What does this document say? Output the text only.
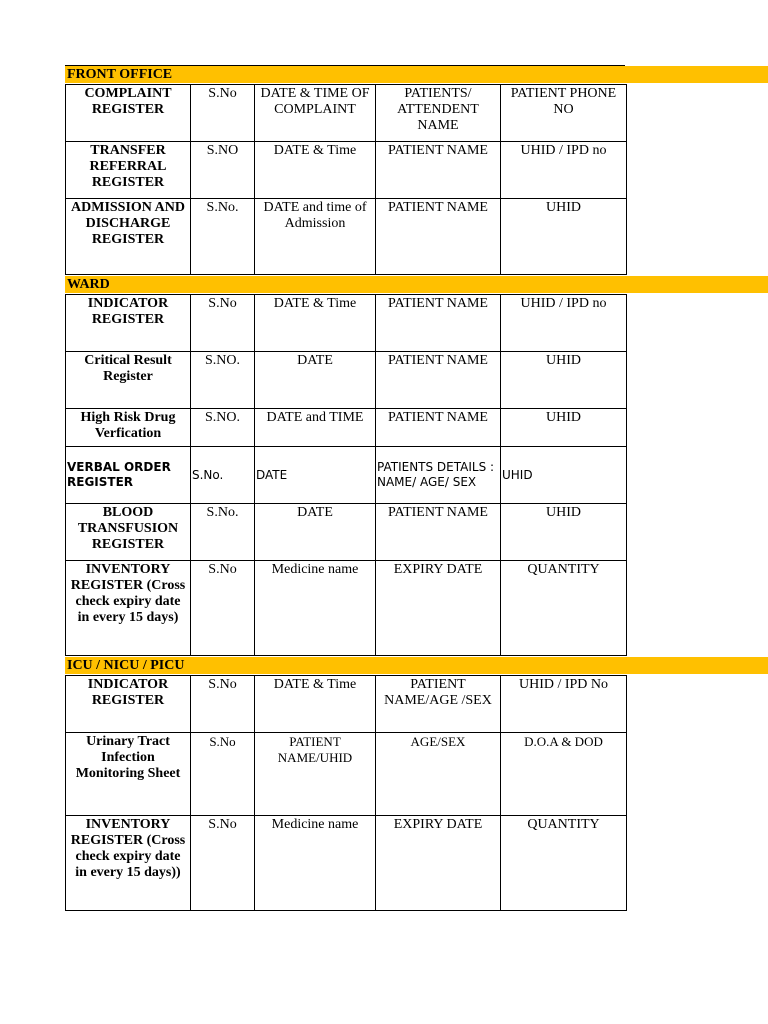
FRONT OFFICE
COMPLAINT REGISTER	S.No	DATE & TIME OF COMPLAINT	PATIENTS/ ATTENDENT NAME	PATIENT PHONE NO
TRANSFER REFERRAL REGISTER	S.NO	DATE & Time	PATIENT NAME	UHID / IPD no
ADMISSION AND DISCHARGE REGISTER	S.No.	DATE and time of Admission	PATIENT NAME	UHID
WARD
INDICATOR REGISTER	S.No	DATE & Time	PATIENT NAME	UHID / IPD no
Critical Result Register	S.NO.	DATE	PATIENT NAME	UHID
High Risk Drug Verfication	S.NO.	DATE and TIME	PATIENT NAME	UHID
VERBAL ORDER REGISTER	S.No.	DATE	PATIENTS DETAILS : NAME/ AGE/ SEX	UHID
BLOOD TRANSFUSION REGISTER	S.No.	DATE	PATIENT NAME	UHID
INVENTORY REGISTER (Cross check expiry date in every 15 days)	S.No	Medicine name	EXPIRY DATE	QUANTITY
ICU / NICU / PICU
INDICATOR REGISTER	S.No	DATE & Time	PATIENT NAME/AGE /SEX	UHID / IPD No
Urinary Tract Infection Monitoring Sheet	S.No	PATIENT NAME/UHID	AGE/SEX	D.O.A & DOD
INVENTORY REGISTER (Cross check expiry date in every 15 days))	S.No	Medicine name	EXPIRY DATE	QUANTITY
